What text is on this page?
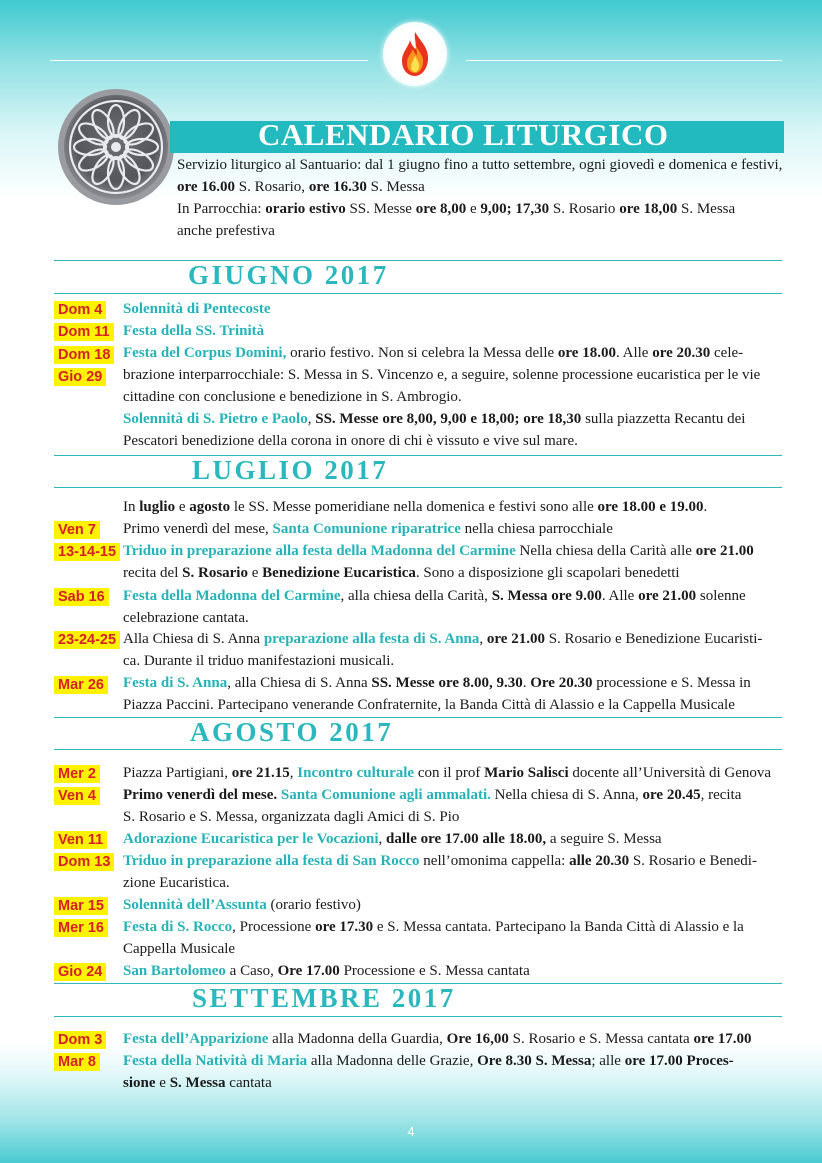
CALENDARIO LITURGICO

Servizio liturgico al Santuario: dal 1 giugno fino a tutto settembre, ogni giovedì e domenica e festivi,

ore 16.00 S. Rosario, ore 16.30 S. Messa

In Parrocchia: orario estivo SS. Messe ore 8,00 e 9,00; 17,30 S. Rosario ore 18,00 S. Messa

anche prefestiva

GIUGNO 2017
Dom 4
Dom 11
Dom 18
Gio 29
Solennità di Pentecoste
Festa della SS. Trinità
Festa del Corpus Domini, orario festivo. Non si celebra la Messa delle ore 18.00. Alle ore 20.30 cele-
brazione interparrocchiale: S. Messa in S. Vincenzo e, a seguire, solenne processione eucaristica per le vie
cittadine con conclusione e benedizione in S. Ambrogio.
Solennità di S. Pietro e Paolo, SS. Messe ore 8,00, 9,00 e 18,00; ore 18,30 sulla piazzetta Recantu dei
Pescatori benedizione della corona in onore di chi è vissuto e vive sul mare.
LUGLIO 2017
In luglio e agosto le SS. Messe pomeridiane nella domenica e festivi sono alle ore 18.00 e 19.00.
Ven 7
13-14-15
Sab 16
23-24-25
Mar 26
Primo venerdì del mese, Santa Comunione riparatrice nella chiesa parrocchiale
Triduo in preparazione alla festa della Madonna del Carmine Nella chiesa della Carità alle ore 21.00
recita del S. Rosario e Benedizione Eucaristica. Sono a disposizione gli scapolari benedetti
Festa della Madonna del Carmine, alla chiesa della Carità, S. Messa ore 9.00. Alle ore 21.00 solenne
celebrazione cantata.
Alla Chiesa di S. Anna preparazione alla festa di S. Anna, ore 21.00 S. Rosario e Benedizione Eucaristi-
ca. Durante il triduo manifestazioni musicali.
Festa di S. Anna, alla Chiesa di S. Anna SS. Messe ore 8.00, 9.30. Ore 20.30 processione e S. Messa in
Piazza Paccini. Partecipano venerande Confraternite, la Banda Città di Alassio e la Cappella Musicale
AGOSTO 2017
Mer 2
Ven 4
Ven 11
Dom 13
Mar 15
Mer 16
Gio 24
Piazza Partigiani, ore 21.15, Incontro culturale con il prof Mario Salisci docente all’Università di Genova
Primo venerdì del mese. Santa Comunione agli ammalati. Nella chiesa di S. Anna, ore 20.45, recita
S. Rosario e S. Messa, organizzata dagli Amici di S. Pio
Adorazione Eucaristica per le Vocazioni, dalle ore 17.00 alle 18.00, a seguire S. Messa
Triduo in preparazione alla festa di San Rocco nell’omonima cappella: alle 20.30 S. Rosario e Benedi-
zione Eucaristica.
Solennità dell’Assunta (orario festivo)
Festa di S. Rocco, Processione ore 17.30 e S. Messa cantata. Partecipano la Banda Città di Alassio e la
Cappella Musicale
San Bartolomeo a Caso, Ore 17.00 Processione e S. Messa cantata
SETTEMBRE 2017
Dom 3
Mar 8
Festa dell’Apparizione alla Madonna della Guardia, Ore 16,00 S. Rosario e S. Messa cantata ore 17.00
Festa della Natività di Maria alla Madonna delle Grazie, Ore 8.30 S. Messa; alle ore 17.00 Proces-
sione e S. Messa cantata
4
